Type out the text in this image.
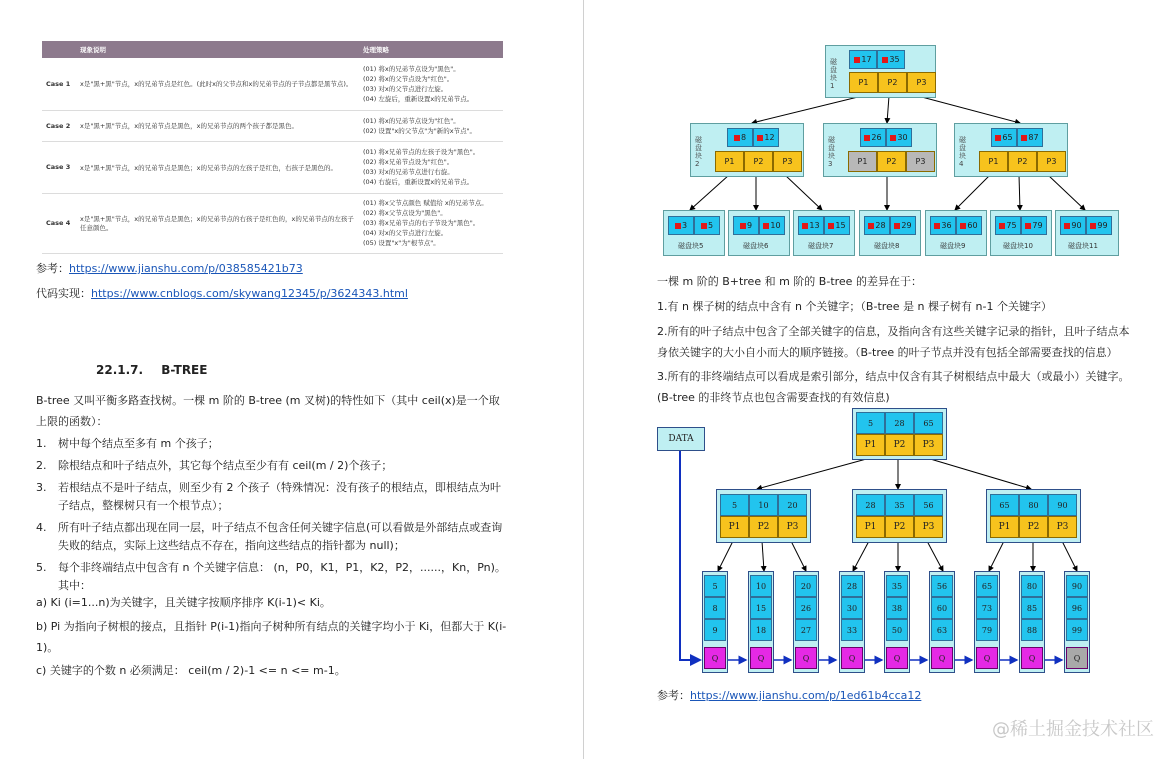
	现象说明	处理策略
Case 1	x是"黑+黑"节点，x的兄弟节点是红色。(此时x的父节点和x的兄弟节点的子节点都是黑节点)。	(01) 将x的兄弟节点设为"黑色"。
(02) 将x的父节点设为"红色"。
(03) 对x的父节点进行左旋。
(04) 左旋后，重新设置x的兄弟节点。

Case 2	x是"黑+黑"节点，x的兄弟节点是黑色，x的兄弟节点的两个孩子都是黑色。	(01) 将x的兄弟节点设为"红色"。
(02) 设置"x的父节点"为"新的x节点"。

Case 3	x是"黑+黑"节点，x的兄弟节点是黑色；x的兄弟节点的左孩子是红色，右孩子是黑色的。	(01) 将x兄弟节点的左孩子设为"黑色"。
(02) 将x兄弟节点设为"红色"。
(03) 对x的兄弟节点进行右旋。
(04) 右旋后，重新设置x的兄弟节点。

Case 4	x是"黑+黑"节点，x的兄弟节点是黑色；x的兄弟节点的右孩子是红色的，x的兄弟节点的左孩子任意颜色。	(01) 将x父节点颜色 赋值给 x的兄弟节点。
(02) 将x父节点设为"黑色"。
(03) 将x兄弟节点的右子节设为"黑色"。
(04) 对x的父节点进行左旋。
(05) 设置"x"为"根节点"。
参考：https://www.jianshu.com/p/038585421b73
代码实现：https://www.cnblogs.com/skywang12345/p/3624343.html
22.1.7. B-TREE
B-tree 又叫平衡多路查找树。一棵 m 阶的 B-tree (m 叉树)的特性如下（其中 ceil(x)是一个取上限的函数）：
1. 树中每个结点至多有 m 个孩子；
2. 除根结点和叶子结点外，其它每个结点至少有有 ceil(m / 2)个孩子；
3. 若根结点不是叶子结点，则至少有 2 个孩子（特殊情况：没有孩子的根结点，即根结点为叶子结点，整棵树只有一个根节点）；
4. 所有叶子结点都出现在同一层，叶子结点不包含任何关键字信息(可以看做是外部结点或查询失败的结点，实际上这些结点不存在，指向这些结点的指针都为 null)；
5. 每个非终端结点中包含有 n 个关键字信息： (n，P0，K1，P1，K2，P2，......，Kn，Pn)。其中：
a) Ki (i=1...n)为关键字，且关键字按顺序排序 K(i-1)< Ki。
b) Pi 为指向子树根的接点，且指针 P(i-1)指向子树种所有结点的关键字均小于 Ki，但都大于 K(i-1)。
c) 关键字的个数 n 必须满足： ceil(m / 2)-1 <= n <= m-1。
磁盘块1
17 35
P1	P2	P3
磁盘块2
8 12
P1	P2	P3
磁盘块3
26 30
P1	P2	P3
磁盘块4
65 87
P1	P2	P3
3	5
磁盘块5
9 10
磁盘块6
13 15
磁盘块7
28 29
磁盘块8
36 60
磁盘块9
75 79
磁盘块10
90 99
磁盘块11
一棵 m 阶的 B+tree 和 m 阶的 B-tree 的差异在于：
1.有 n 棵子树的结点中含有 n 个关键字；（B-tree 是 n 棵子树有 n-1 个关键字）
2.所有的叶子结点中包含了全部关键字的信息，及指向含有这些关键字记录的指针，且叶子结点本身依关键字的大小自小而大的顺序链接。（B-tree 的叶子节点并没有包括全部需要查找的信息）
3.所有的非终端结点可以看成是索引部分，结点中仅含有其子树根结点中最大（或最小）关键字。(B-tree 的非终节点也包含需要查找的有效信息)
DATA
5	28	65
P1	P2	P3
5	10	20
P1	P2	P3
28	35	56
P1	P2	P3
65	80	90
P1	P2	P3
5
8
9
Q
10
15
18
Q
20
26
27
Q
28
30
33
Q
35
38
50
Q
56
60
63
Q
65
73
79
Q
80
85
88
Q
90
96
99
Q
参考：https://www.jianshu.com/p/1ed61b4cca12
@稀土掘金技术社区
